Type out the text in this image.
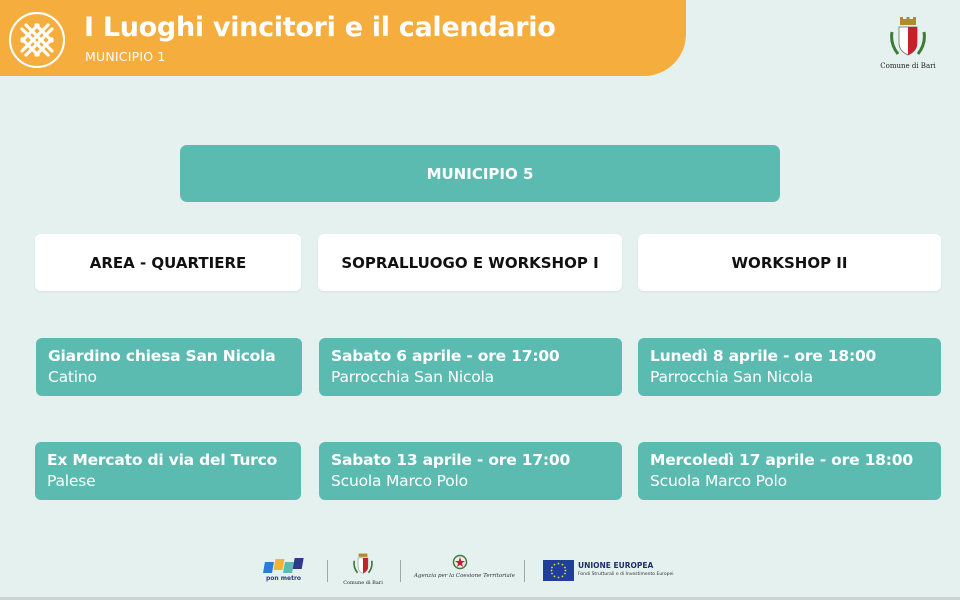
I Luoghi vincitori e il calendario
MUNICIPIO 1
Comune di Bari
MUNICIPIO 5
AREA - QUARTIERE	SOPRALLUOGO E WORKSHOP I	WORKSHOP II
Giardino chiesa San Nicola
Catino
Sabato 6 aprile - ore 17:00
Parrocchia San Nicola
Lunedì 8 aprile - ore 18:00
Parrocchia San Nicola
Ex Mercato di via del Turco
Palese
Sabato 13 aprile - ore 17:00
Scuola Marco Polo
Mercoledì 17 aprile - ore 18:00
Scuola Marco Polo
pon metro
Comune di Bari
Agenzia per la Coesione Territoriale
UNIONE EUROPEA
Fondi Strutturali e di Investimento Europei
